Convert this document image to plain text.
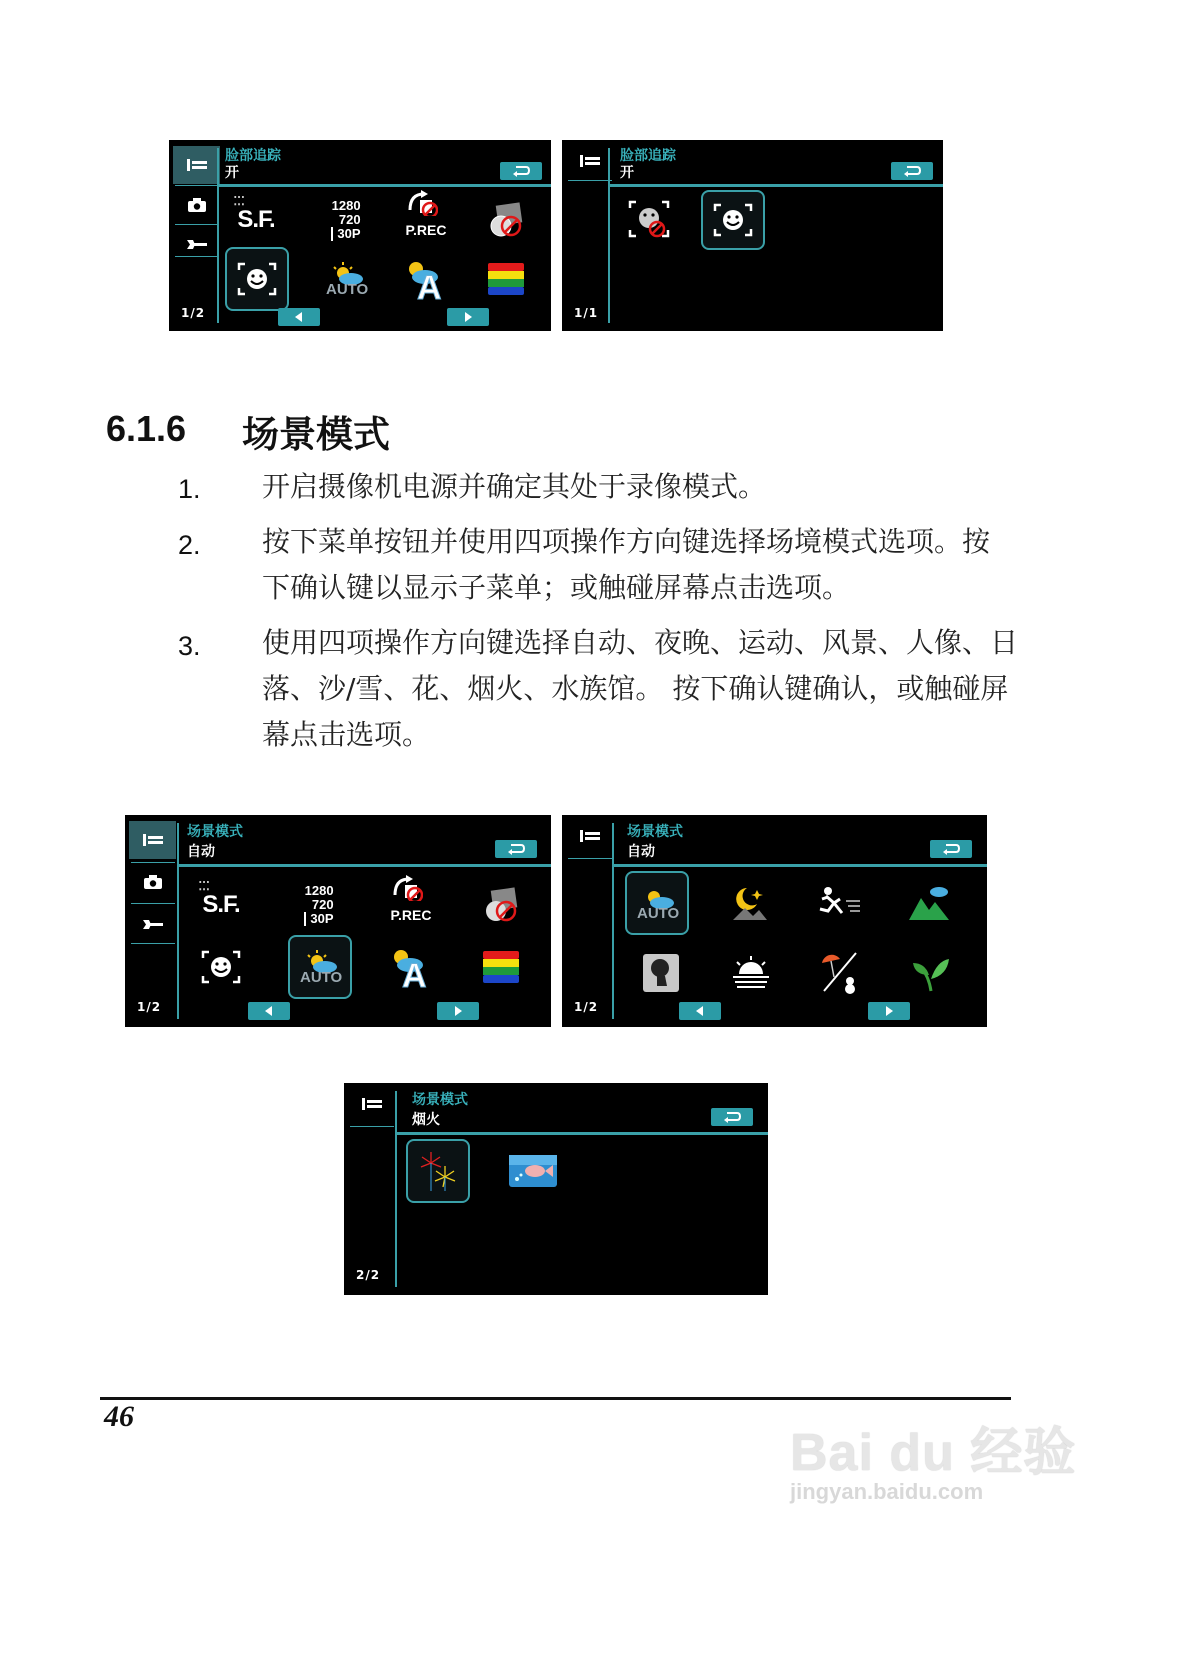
1/2
脸部追踪
开
⁚⁚⁚
S.F.
1280
720
30P	P.REC
AUTO A
1/1
脸部追踪
开
6.1.6 场景模式
1. 开启摄像机电源并确定其处于录像模式。
2. 按下菜单按钮并使用四项操作方向键选择场境模式选项。按下确认键以显示子菜单；或触碰屏幕点击选项。
3. 使用四项操作方向键选择自动、夜晚、运动、风景、人像、日落、沙/雪、花、烟火、水族馆。 按下确认键确认，或触碰屏幕点击选项。
1/2
场景模式
自动
⁚⁚⁚
S.F.
1280
720
30P	P.REC
AUTO A
1/2
场景模式
自动
AUTO
2/2
场景模式
烟火
46
Bai du 经验
jingyan.baidu.com
